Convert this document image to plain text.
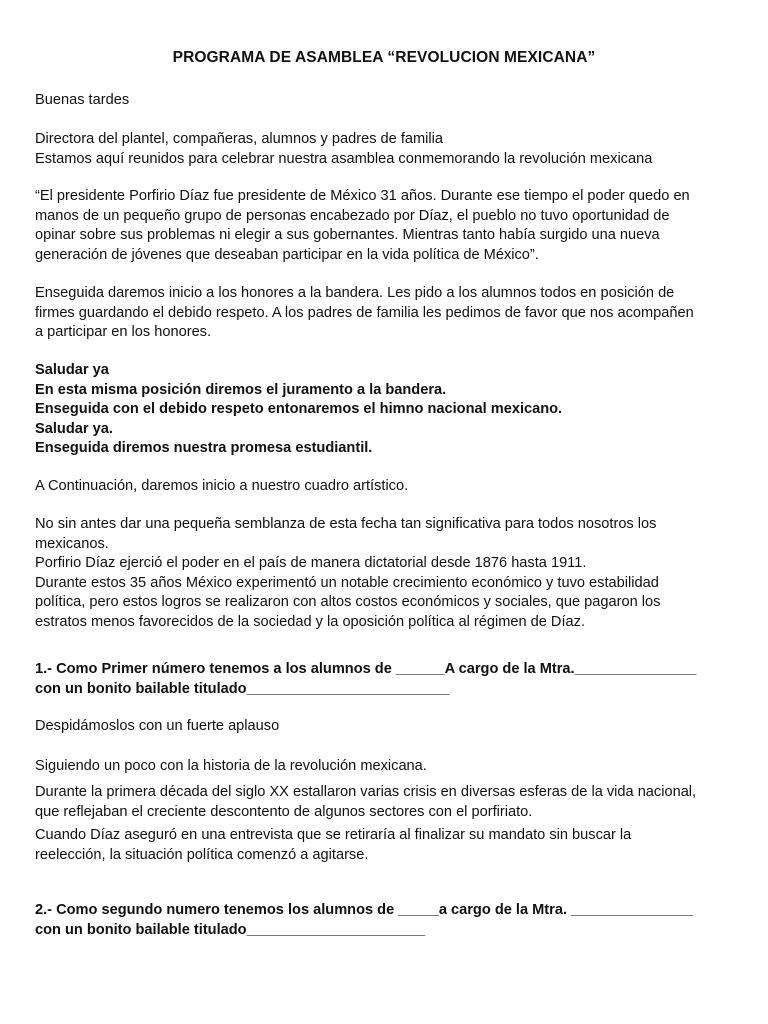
PROGRAMA DE ASAMBLEA “REVOLUCION MEXICANA”

Buenas tardes

Directora del plantel, compañeras, alumnos y padres de familia

Estamos aquí reunidos para celebrar nuestra asamblea conmemorando la revolución mexicana

“El presidente Porfirio Díaz fue presidente de México 31 años. Durante ese tiempo el poder quedo en

manos de un pequeño grupo de personas encabezado por Díaz, el pueblo no tuvo oportunidad de

opinar sobre sus problemas ni elegir a sus gobernantes. Mientras tanto había surgido una nueva

generación de jóvenes que deseaban participar en la vida política de México”.

Enseguida daremos inicio a los honores a la bandera. Les pido a los alumnos todos en posición de

firmes guardando el debido respeto. A los padres de familia les pedimos de favor que nos acompañen

a participar en los honores.

Saludar ya

En esta misma posición diremos el juramento a la bandera.

Enseguida con el debido respeto entonaremos el himno nacional mexicano.

Saludar ya.

Enseguida diremos nuestra promesa estudiantil.

A Continuación, daremos inicio a nuestro cuadro artístico.

No sin antes dar una pequeña semblanza de esta fecha tan significativa para todos nosotros los

mexicanos.

Porfirio Díaz ejerció el poder en el país de manera dictatorial desde 1876 hasta 1911.

Durante estos 35 años México experimentó un notable crecimiento económico y tuvo estabilidad

política, pero estos logros se realizaron con altos costos económicos y sociales, que pagaron los

estratos menos favorecidos de la sociedad y la oposición política al régimen de Díaz.

1.- Como Primer número tenemos a los alumnos de ______A cargo de la Mtra._______________

con un bonito bailable titulado_________________________

Despidámoslos con un fuerte aplauso

Siguiendo un poco con la historia de la revolución mexicana.

Durante la primera década del siglo XX estallaron varias crisis en diversas esferas de la vida nacional,

que reflejaban el creciente descontento de algunos sectores con el porfiriato.

Cuando Díaz aseguró en una entrevista que se retiraría al finalizar su mandato sin buscar la

reelección, la situación política comenzó a agitarse.

2.- Como segundo numero tenemos los alumnos de _____a cargo de la Mtra. _______________

con un bonito bailable titulado______________________
